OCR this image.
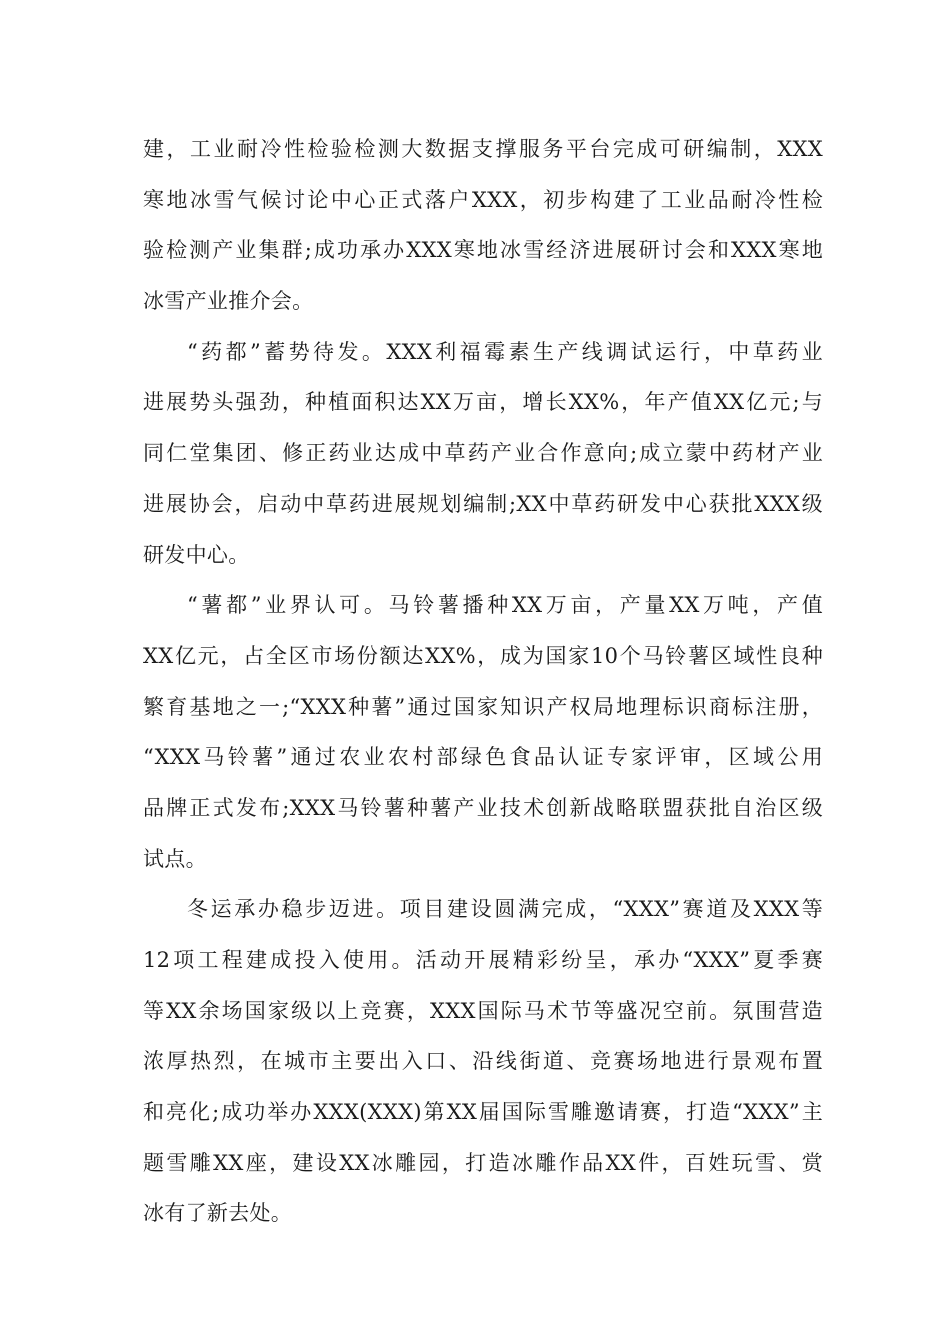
建，工业耐冷性检验检测大数据支撑服务平台完成可研编制，XXX
寒地冰雪气候讨论中心正式落户XXX，初步构建了工业品耐冷性检
验检测产业集群;成功承办XXX寒地冰雪经济进展研讨会和XXX寒地
冰雪产业推介会。
“药都”蓄势待发。XXX利福霉素生产线调试运行，中草药业
进展势头强劲，种植面积达XX万亩，增长XX%，年产值XX亿元;与
同仁堂集团、修正药业达成中草药产业合作意向;成立蒙中药材产业
进展协会，启动中草药进展规划编制;XX中草药研发中心获批XXX级
研发中心。
“薯都”业界认可。马铃薯播种XX万亩，产量XX万吨，产值
XX亿元，占全区市场份额达XX%，成为国家10个马铃薯区域性良种
繁育基地之一;“XXX种薯”通过国家知识产权局地理标识商标注册，
“XXX马铃薯”通过农业农村部绿色食品认证专家评审，区域公用
品牌正式发布;XXX马铃薯种薯产业技术创新战略联盟获批自治区级
试点。
冬运承办稳步迈进。项目建设圆满完成，“XXX”赛道及XXX等
12项工程建成投入使用。活动开展精彩纷呈，承办“XXX”夏季赛
等XX余场国家级以上竞赛，XXX国际马术节等盛况空前。氛围营造
浓厚热烈，在城市主要出入口、沿线街道、竞赛场地进行景观布置
和亮化;成功举办XXX(XXX)第XX届国际雪雕邀请赛，打造“XXX”主
题雪雕XX座，建设XX冰雕园，打造冰雕作品XX件，百姓玩雪、赏
冰有了新去处。
